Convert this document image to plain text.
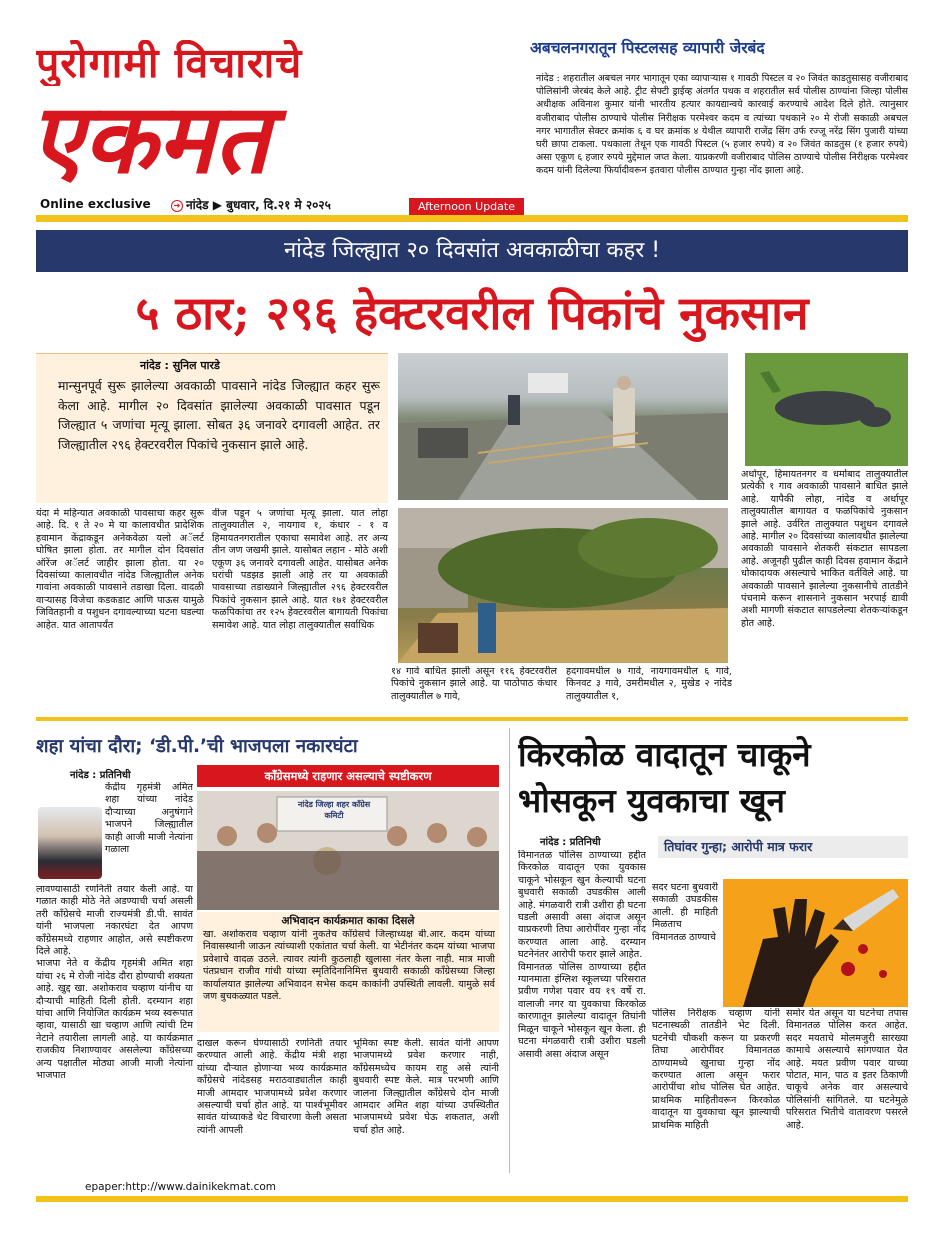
पुरोगामी विचाराचे
एकमत
Online exclusive	➜ नांदेड ▶ बुधवार, दि.२१ मे २०२५	Afternoon Update
अबचलनगरातून पिस्टलसह व्यापारी जेरबंद
नांदेड : शहरातील अबचल नगर भागातून एका व्यापाऱ्यास १ गावठी पिस्टल व २० जिवंत काडतुसासह वजीराबाद पोलिसांनी जेरबंद केले आहे. ट्रीट सेफ्टी ड्राईव्ह अंतर्गत पथक व शहरातील सर्व पोलीस ठाण्यांना जिल्हा पोलीस अधीक्षक अविनाश कुमार यांनी भारतीय हत्यार कायद्यान्वये कारवाई करण्याचे आदेश दिले होते. त्यानुसार वजीराबाद पोलीस ठाण्याचे पोलीस निरीक्षक परमेश्वर कदम व त्यांच्या पथकाने २० मे रोजी सकाळी अबचल नगर भागातील सेक्टर क्रमांक ६ व घर क्रमांक ४ येथील व्यापारी राजेंद्र सिंग उर्फ रज्जू नरेंद्र सिंग पुजारी यांच्या घरी छापा टाकला. पथकाला तेथून एक गावठी पिस्टल (५ हजार रुपये) व २० जिवंत काडतुस (१ हजार रुपये) असा एकूण ६ हजार रुपये मुद्देमाल जप्त केला. याप्रकरणी वजीराबाद पोलिस ठाण्याचे पोलीस निरीक्षक परमेश्वर कदम यांनी दिलेल्या फिर्यादीवरून इतवारा पोलीस ठाण्यात गुन्हा नोंद झाला आहे.
नांदेड जिल्ह्यात २० दिवसांत अवकाळीचा कहर !
५ ठार; २९६ हेक्टरवरील पिकांचे नुकसान
नांदेड : सुनिल पारडे
मान्सुनपूर्व सुरू झालेल्या अवकाळी पावसाने नांदेड जिल्ह्यात कहर सुरू केला आहे. मागील २० दिवसांत झालेल्या अवकाळी पावसात पडून जिल्ह्यात ५ जणांचा मृत्यू झाला. सोबत ३६ जनावरे दगावली आहेत. तर जिल्ह्यातील २९६ हेक्टरवरील पिकांचे नुकसान झाले आहे.
यंदा मे महिन्यात अवकाळी पावसाचा कहर सुरू आहे. दि. १ ते २० मे या कालावधीत प्रादेशिक हवामान केंद्राकडून अनेकवेळा यलो अॅलर्ट घोषित झाला होता. तर मागील दोन दिवसांत ऑरेंज अॅलर्ट जाहीर झाला होता. या २० दिवसांच्या कालावधीत नांदेड जिल्ह्यातील अनेक गावांना अवकाळी पावसाने तडाखा दिला. वादळी वाऱ्यासह विजेचा कडकडाट आणि पाऊस यामुळे जिवितहानी व पशुधन दगावल्याच्या घटना घडल्या आहेत. यात आतापर्यंत
वीज पडून ५ जणांचा मृत्यू झाला. यात लोहा तालुक्यातील २, नायगाव १, कंधार - १ व हिमायतनगरातील एकाचा समावेश आहे. तर अन्य तीन जण जखमी झाले. यासोबत लहान - मोठे अशी एकूण ३६ जनावरे दगावली आहेत. यासोबत अनेक घरांची पडझड झाली आहे तर या अवकाळी पावसाच्या तडाख्याने जिल्ह्यातील २९६ हेक्टरवरील पिकांचे नुकसान झाले आहे. यात १७१ हेक्टरवरील फळपिकांचा तर १२५ हेक्टरवरील बागायती पिकांचा समावेश आहे. यात लोहा तालुक्यातील सर्वाधिक
१४ गावे बाधित झाली असून ११६ हेक्टरवरील पिकांचे नुकसान झाले आहे. या पाठोपाठ कंधार तालुक्यातील ७ गावे,
हदगावमधील ७ गावे, नायगावमधील ६ गावे, किनवट ३ गावे, उमरीमधील २, मुखेड २ नांदेड तालुक्यातील १,
अर्धापूर, हिमायतनगर व धर्माबाद तालुक्यातील प्रत्येकी १ गाव अवकाळी पावसाने बाधित झाले आहे. यापैकी लोहा, नांदेड व अर्धापूर तालुक्यातील बागायत व फळपिकांचे नुकसान झाले आहे. उर्वरित तालुक्यात पशुधन दगावले आहे. मागील २० दिवसांच्या कालावधीत झालेल्या अवकाळी पावसाने शेतकरी संकटात सापडला आहे. अजूनही पुढील काही दिवस हवामान केंद्राने धोकादायक असल्याचे भाकित वर्तविले आहे. या अवकाळी पावसाने झालेल्या नुकसानीचे तातडीने पंचनामे करून शासनाने नुकसान भरपाई द्यावी अशी मागणी संकटात सापडलेल्या शेतकऱ्यांकडून होत आहे.
शहा यांचा दौरा; ‘डी.पी.’ची भाजपला नकारघंटा
काँग्रेसमध्ये राहणार असल्याचे स्पष्टीकरण
नांदेड : प्रतिनिधी
केंद्रीय गृहमंत्री अमित शहा यांच्या नांदेड दौऱ्याच्या अनुषंगाने भाजपने जिल्ह्यातील काही आजी माजी नेत्यांना गळाला
लावण्यासाठी रणनिती तयार केली आहे. या गळात काही मोठे नेते अडण्याची चर्चा असली तरी काँग्रेसचे माजी राज्यमंत्री डी.पी. सावंत यांनी भाजपला नकारघंटा देत आपण काँग्रेसमध्ये राहणार आहोत, असे स्पष्टीकरण दिले आहे.
भाजपा नेते व केंद्रीय गृहमंत्री अमित शहा यांचा २६ मे रोजी नांदेड दौरा होण्याची शक्यता आहे. खुद्द खा. अशोकराव चव्हाण यांनीच या दौऱ्याची माहिती दिली होती. दरम्यान शहा यांचा आणि नियोजित कार्यक्रम भव्य स्वरूपात व्हावा, यासाठी खा चव्हाण आणि त्यांची टिम नेटाने तयारीला लागली आहे. या कार्यक्रमात राजकीय निशाण्यावर असलेल्या काँग्रेसच्या अन्य पक्षातील मोठ्या आजी माजी नेत्यांना भाजपात
नांदेड जिल्हा शहर काँग्रेस कमिटी
अभिवादन कार्यक्रमात काका दिसले
खा. अशोकराव चव्हाण यांनी नुकतेच काँग्रेसचे जिल्हाध्यक्ष बी.आर. कदम यांच्या निवासस्थानी जाऊन त्यांच्याशी एकांतात चर्चा केली. या भेटीनंतर कदम यांच्या भाजपा प्रवेशाचे वादळ उठले. त्यावर त्यांनी कुठलाही खुलासा नंतर केला नाही. मात्र माजी पंतप्रधान राजीव गांधी यांच्या स्मृतिदिनानिमित्त बुधवारी सकाळी काँग्रेसच्या जिल्हा कार्यालयात झालेल्या अभिवादन सभेस कदम काकांनी उपस्थिती लावली. यामुळे सर्व जण बुचकळ्यात पडले.
दाखल करून घेण्यासाठी रणनिती तयार करण्यात आली आहे. केंद्रीय मंत्री शहा यांच्या दौऱ्यात होणाऱ्या भव्य कार्यक्रमात काँग्रेसचे नांदेडसह मराठवाड्यातील काही माजी आमदार भाजपामध्ये प्रवेश करणार असल्याची चर्चा होत आहे. या पार्श्वभूमीवर सावंत यांच्याकडे थेट विचारणा केली असता त्यांनी आपली
भूमिका स्पष्ट केली. सावंत यांनी आपण भाजपामध्ये प्रवेश करणार नाही, काँग्रेसमध्येच कायम राहू असे त्यांनी बुधवारी स्पष्ट केले. मात्र परभणी आणि जालना जिल्ह्यातील काँग्रेसचे दोन माजी आमदार अमित शहा यांच्या उपस्थितीत भाजपामध्ये प्रवेश घेऊ शकतात, अशी चर्चा होत आहे.
किरकोळ वादातून चाकूने भोसकून युवकाचा खून
तिघांवर गुन्हा; आरोपी मात्र फरार
नांदेड : प्रतिनिधी
विमानतळ पोलिस ठाण्याच्या हद्दीत किरकोळ वादातून एका युवकास चाकूने भोसकून खुन केल्याची घटना बुधवारी सकाळी उघडकीस आली आहे. मंगळवारी रात्री उशीरा ही घटना घडली असावी असा अंदाज असून याप्रकरणी तिघा आरोपींवर गुन्हा नोंद करण्यात आला आहे. दरम्यान घटनेनंतर आरोपी फरार झाले आहेत.
विमानतळ पोलिस ठाण्याच्या हद्दीत ग्यानमाता इंग्लिश स्कूलच्या परिसरात प्रवीण गणेश पवार वय १९ वर्षे रा. वालाजी नगर या युवकाचा किरकोळ कारणातून झालेल्या वादातून तिघांनी मिळून चाकूने भोसकून खून केला. ही घटना मंगळवारी रात्री उशीरा घडली असावी असा अंदाज असून
सदर घटना बुधवारी सकाळी उघडकीस आली. ही माहिती मिळताच विमानतळ ठाण्याचे
पोलिस निरीक्षक चव्हाण यांनी घटनास्थळी तातडीने भेट दिली. घटनेची चौकशी करून या प्रकरणी तिघा आरोपींवर विमानतळ ठाण्यामध्ये खुनाचा गुन्हा नोंद करण्यात आला असून फरार आरोपींचा शोध पोलिस घेत आहेत. प्राथमिक माहितीवरून किरकोळ वादातून या युवकाचा खून झाल्याची प्राथमिक माहिती
समोर येत असून या घटनेचा तपास विमानतळ पोलिस करत आहेत. सदर मयताचे मोलमजुरी सारख्या कामाचे असल्याचे सांगण्यात येत आहे. मयत प्रवीण पवार याच्या पोटात, मान, पाठ व इतर ठिकाणी चाकूचे अनेक वार असल्याचे पोलिसांनी सांगितले. या घटनेमुळे परिसरात भितीचे वातावरण पसरले आहे.
epaper:http://www.dainikekmat.com
